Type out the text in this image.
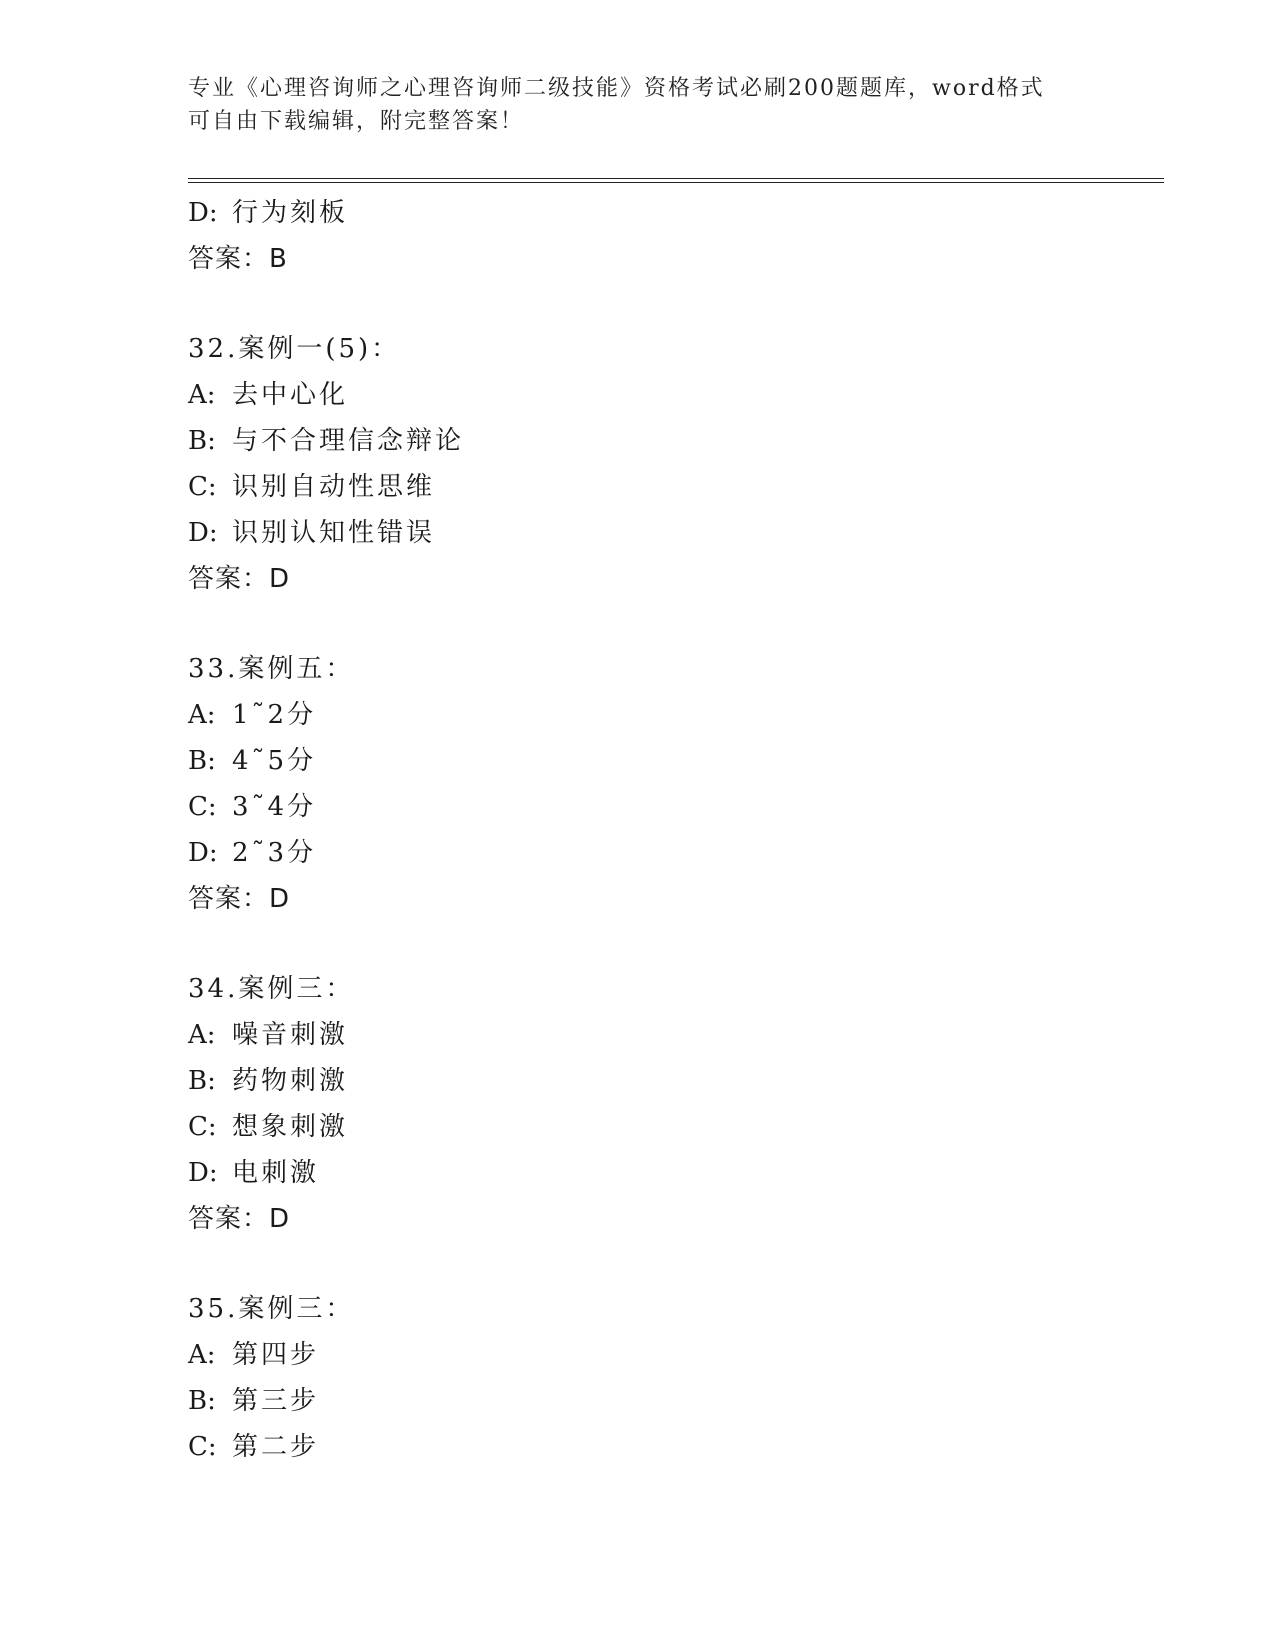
专业《心理咨询师之心理咨询师二级技能》资格考试必刷200题题库，word格式
可自由下载编辑，附完整答案！
D: 行为刻板
答案：B
32.案例一(5)：
A: 去中心化
B: 与不合理信念辩论
C: 识别自动性思维
D: 识别认知性错误
答案：D
33.案例五：
A: 1˜2分
B: 4˜5分
C: 3˜4分
D: 2˜3分
答案：D
34.案例三：
A: 噪音刺激
B: 药物刺激
C: 想象刺激
D: 电刺激
答案：D
35.案例三：
A: 第四步
B: 第三步
C: 第二步
